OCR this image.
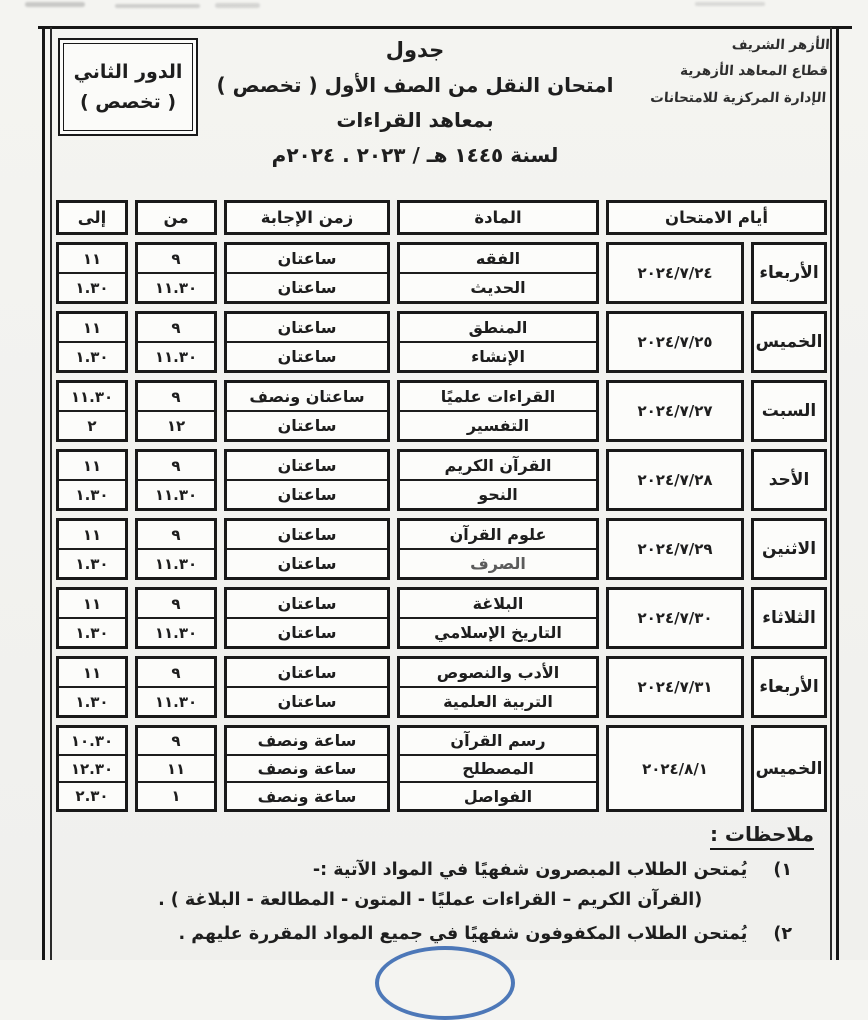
الدور الثاني
( تخصص )
جدول
امتحان النقل من الصف الأول ( تخصص )
بمعاهد القراءات
لسنة ١٤٤٥ هـ / ٢٠٢٣ . ٢٠٢٤م
الأزهر الشريف
قطاع المعاهد الأزهرية
الإدارة المركزية للامتحانات
أيام الامتحان
المادة
زمن الإجابة
من
إلى
الأربعاء
٢٠٢٤/٧/٢٤
الفقه
الحديث
ساعتان
ساعتان
٩
١١.٣٠
١١
١.٣٠
الخميس
٢٠٢٤/٧/٢٥
المنطق
الإنشاء
ساعتان
ساعتان
٩
١١.٣٠
١١
١.٣٠
السبت
٢٠٢٤/٧/٢٧
القراءات علميًا
التفسير
ساعتان ونصف
ساعتان
٩
١٢
١١.٣٠
٢
الأحد
٢٠٢٤/٧/٢٨
القرآن الكريم
النحو
ساعتان
ساعتان
٩
١١.٣٠
١١
١.٣٠
الاثنين
٢٠٢٤/٧/٢٩
علوم القرآن
الصرف
ساعتان
ساعتان
٩
١١.٣٠
١١
١.٣٠
الثلاثاء
٢٠٢٤/٧/٣٠
البلاغة
التاريخ الإسلامي
ساعتان
ساعتان
٩
١١.٣٠
١١
١.٣٠
الأربعاء
٢٠٢٤/٧/٣١
الأدب والنصوص
التربية العلمية
ساعتان
ساعتان
٩
١١.٣٠
١١
١.٣٠
الخميس
٢٠٢٤/٨/١
رسم القرآن
المصطلح
الفواصل
ساعة ونصف
ساعة ونصف
ساعة ونصف
٩
١١
١
١٠.٣٠
١٢.٣٠
٢.٣٠
ملاحظات :
١)
يُمتحن الطلاب المبصرون شفهيًا في المواد الآتية :-
(القرآن الكريم – القراءات عمليًا - المتون - المطالعة - البلاغة ) .
٢)
يُمتحن الطلاب المكفوفون شفهيًا في جميع المواد المقررة عليهم .
